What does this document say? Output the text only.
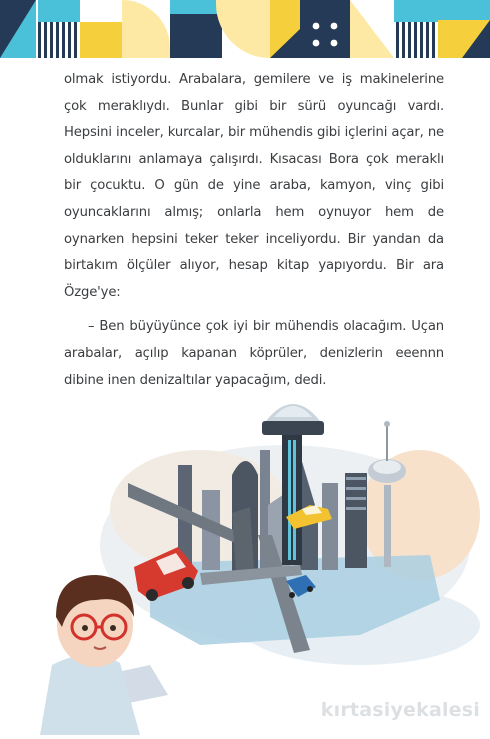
olmak istiyordu. Arabalara, gemilere ve iş makinelerine çok meraklıydı. Bunlar gibi bir sürü oyuncağı vardı. Hepsini inceler, kurcalar, bir mühendis gibi içlerini açar, ne olduklarını anlamaya çalışırdı. Kısacası Bora çok meraklı bir çocuktu. O gün de yine araba, kamyon, vinç gibi oyuncaklarını almış; onlarla hem oynuyor hem de oynarken hepsini teker teker inceliyordu. Bir yandan da birtakım ölçüler alıyor, hesap kitap yapıyordu. Bir ara Özge'ye:

– Ben büyüyünce çok iyi bir mühendis olacağım. Uçan arabalar, açılıp kapanan köprüler, denizlerin eeennn dibine inen denizaltılar yapacağım, dedi.

kırtasiyekalesi
